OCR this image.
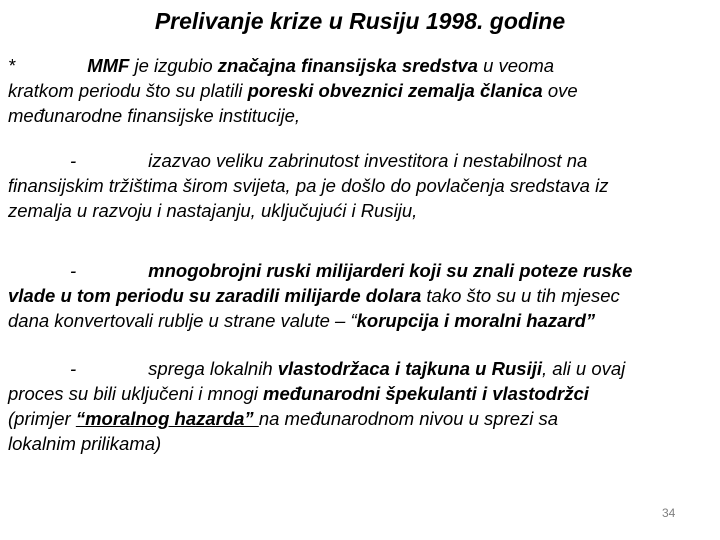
Prelivanje krize u Rusiju 1998. godine
*	MMF je izgubio značajna finansijska sredstva u veoma
kratkom periodu što su platili poreski obveznici zemalja članica ove
međunarodne finansijske institucije,
-	izazvao veliku zabrinutost investitora i nestabilnost na
finansijskim tržištima širom svijeta, pa je došlo do povlačenja sredstava iz
zemalja u razvoju i nastajanju, uključujući i Rusiju,
-	mnogobrojni ruski milijarderi koji su znali poteze ruske
vlade u tom periodu su zaradili milijarde dolara tako što su u tih mjesec
dana konvertovali rublje u strane valute – “korupcija i moralni hazard”
-	sprega lokalnih vlastodržaca i tajkuna u Rusiji, ali u ovaj
proces su bili uključeni i mnogi međunarodni špekulanti i vlastodržci
(primjer “moralnog hazarda” na međunarodnom nivou u sprezi sa
lokalnim prilikama)
34
